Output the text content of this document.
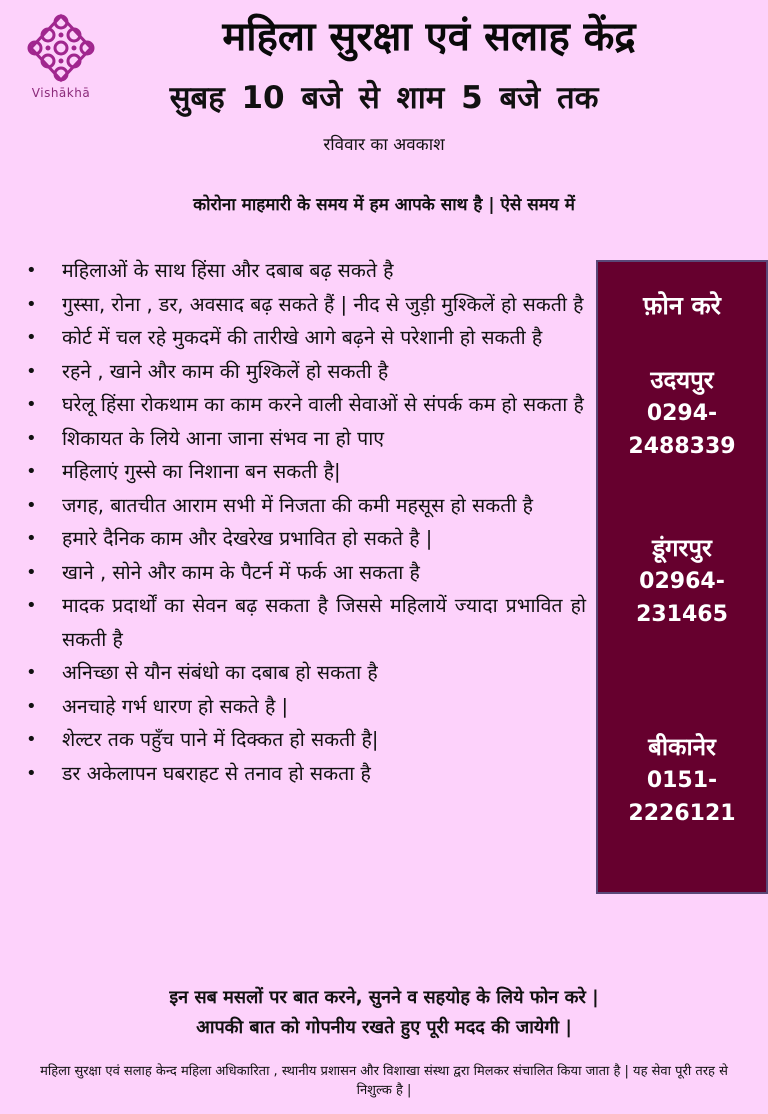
Vishākhā
महिला सुरक्षा एवं सलाह केंद्र
सुबह 10 बजे से शाम 5 बजे तक
रविवार का अवकाश
कोरोना माहमारी के समय में हम आपके साथ है | ऐसे समय में
• महिलाओं के साथ हिंसा और दबाब बढ़ सकते है
• गुस्सा, रोना , डर, अवसाद बढ़ सकते हैं | नीद से जुड़ी मुश्किलें हो सकती है
• कोर्ट में चल रहे मुकदमें की तारीखे आगे बढ़ने से परेशानी हो सकती है
• रहने , खाने और काम की मुश्किलें हो सकती है
• घरेलू हिंसा रोकथाम का काम करने वाली सेवाओं से संपर्क कम हो सकता है
• शिकायत के लिये आना जाना संभव ना हो पाए
• महिलाएं गुस्से का निशाना बन सकती है|
• जगह, बातचीत आराम सभी में निजता की कमी महसूस हो सकती है
• हमारे दैनिक काम और देखरेख प्रभावित हो सकते है |
• खाने , सोने और काम के पैटर्न में फर्क आ सकता है
• मादक प्रदार्थों का सेवन बढ़ सकता है जिससे महिलायें ज्यादा प्रभावित हो सकती है
• अनिच्छा से यौन संबंधो का दबाब हो सकता है
• अनचाहे गर्भ धारण हो सकते है |
• शेल्टर तक पहुँच पाने में दिक्कत हो सकती है|
• डर अकेलापन घबराहट से तनाव हो सकता है
फ़ोन करे
उदयपुर
0294-
2488339
डूंगरपुर
02964-
231465
बीकानेर
0151-
2226121
इन सब मसलों पर बात करने, सुनने व सहयोह के लिये फोन करे |
आपकी बात को गोपनीय रखते हुए पूरी मदद की जायेगी |
महिला सुरक्षा एवं सलाह केन्द महिला अधिकारिता , स्थानीय प्रशासन और विशाखा संस्था द्वरा मिलकर संचालित किया जाता है | यह सेवा पूरी तरह से निशुल्क है |
